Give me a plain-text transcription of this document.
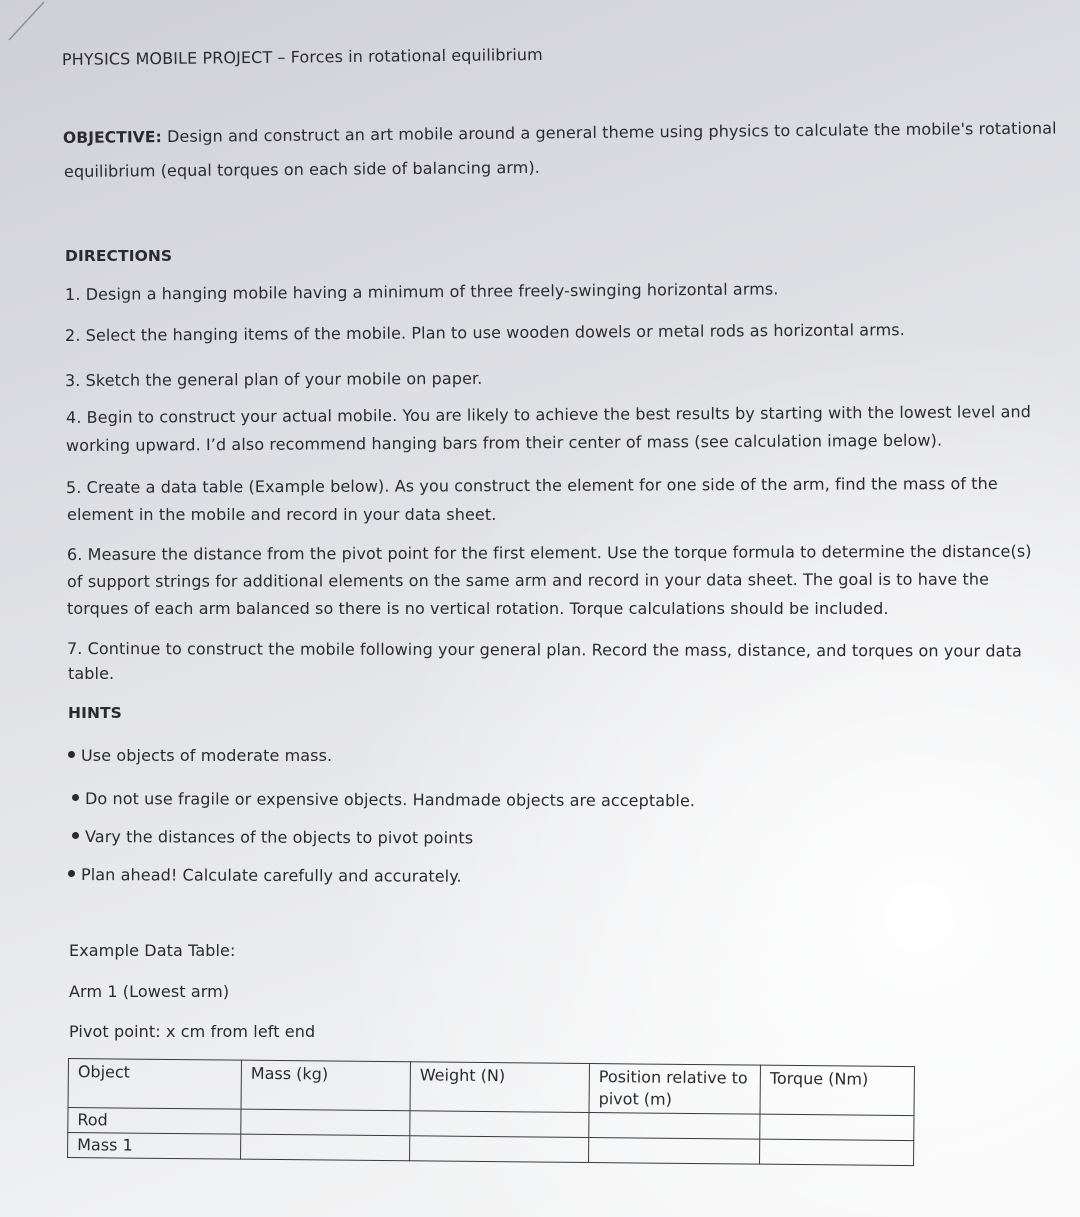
PHYSICS MOBILE PROJECT – Forces in rotational equilibrium
OBJECTIVE: Design and construct an art mobile around a general theme using physics to calculate the mobile's rotational
equilibrium (equal torques on each side of balancing arm).
DIRECTIONS
1. Design a hanging mobile having a minimum of three freely-swinging horizontal arms.
2. Select the hanging items of the mobile. Plan to use wooden dowels or metal rods as horizontal arms.
3. Sketch the general plan of your mobile on paper.
4. Begin to construct your actual mobile. You are likely to achieve the best results by starting with the lowest level and
working upward. I’d also recommend hanging bars from their center of mass (see calculation image below).
5. Create a data table (Example below). As you construct the element for one side of the arm, find the mass of the
element in the mobile and record in your data sheet.
6. Measure the distance from the pivot point for the first element. Use the torque formula to determine the distance(s)
of support strings for additional elements on the same arm and record in your data sheet. The goal is to have the
torques of each arm balanced so there is no vertical rotation. Torque calculations should be included.
7. Continue to construct the mobile following your general plan. Record the mass, distance, and torques on your data
table.
HINTS
Use objects of moderate mass.
Do not use fragile or expensive objects. Handmade objects are acceptable.
Vary the distances of the objects to pivot points
Plan ahead! Calculate carefully and accurately.
Example Data Table:
Arm 1 (Lowest arm)
Pivot point: x cm from left end
Object	Mass (kg)	Weight (N)	Position relative to pivot (m)	Torque (Nm)
Rod				
Mass 1				
